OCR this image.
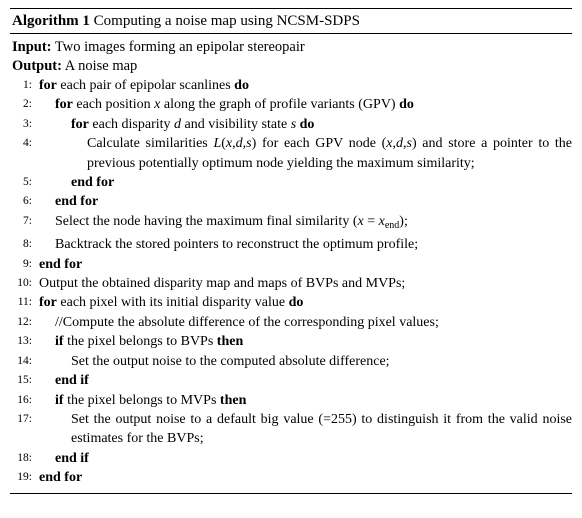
Algorithm 1 Computing a noise map using NCSM-SDPS
Input: Two images forming an epipolar stereopair
Output: A noise map
1: for each pair of epipolar scanlines do
2:	for each position x along the graph of profile variants (GPV) do
3:	for each disparity d and visibility state s do
4:	Calculate similarities L(x,d,s) for each GPV node (x,d,s) and store a pointer to the previous potentially optimum node yielding the maximum similarity;
5:	end for
6:	end for
7:	Select the node having the maximum final similarity $(x = x_{end})$;
8:	Backtrack the stored pointers to reconstruct the optimum profile;
9: end for
10: Output the obtained disparity map and maps of BVPs and MVPs;
11: for each pixel with its initial disparity value do
12:	//Compute the absolute difference of the corresponding pixel values;
13:	if the pixel belongs to BVPs then
14:	Set the output noise to the computed absolute difference;
15:	end if
16:	if the pixel belongs to MVPs then
17:	Set the output noise to a default big value (=255) to distinguish it from the valid noise estimates for the BVPs;
18:	end if
19: end for
